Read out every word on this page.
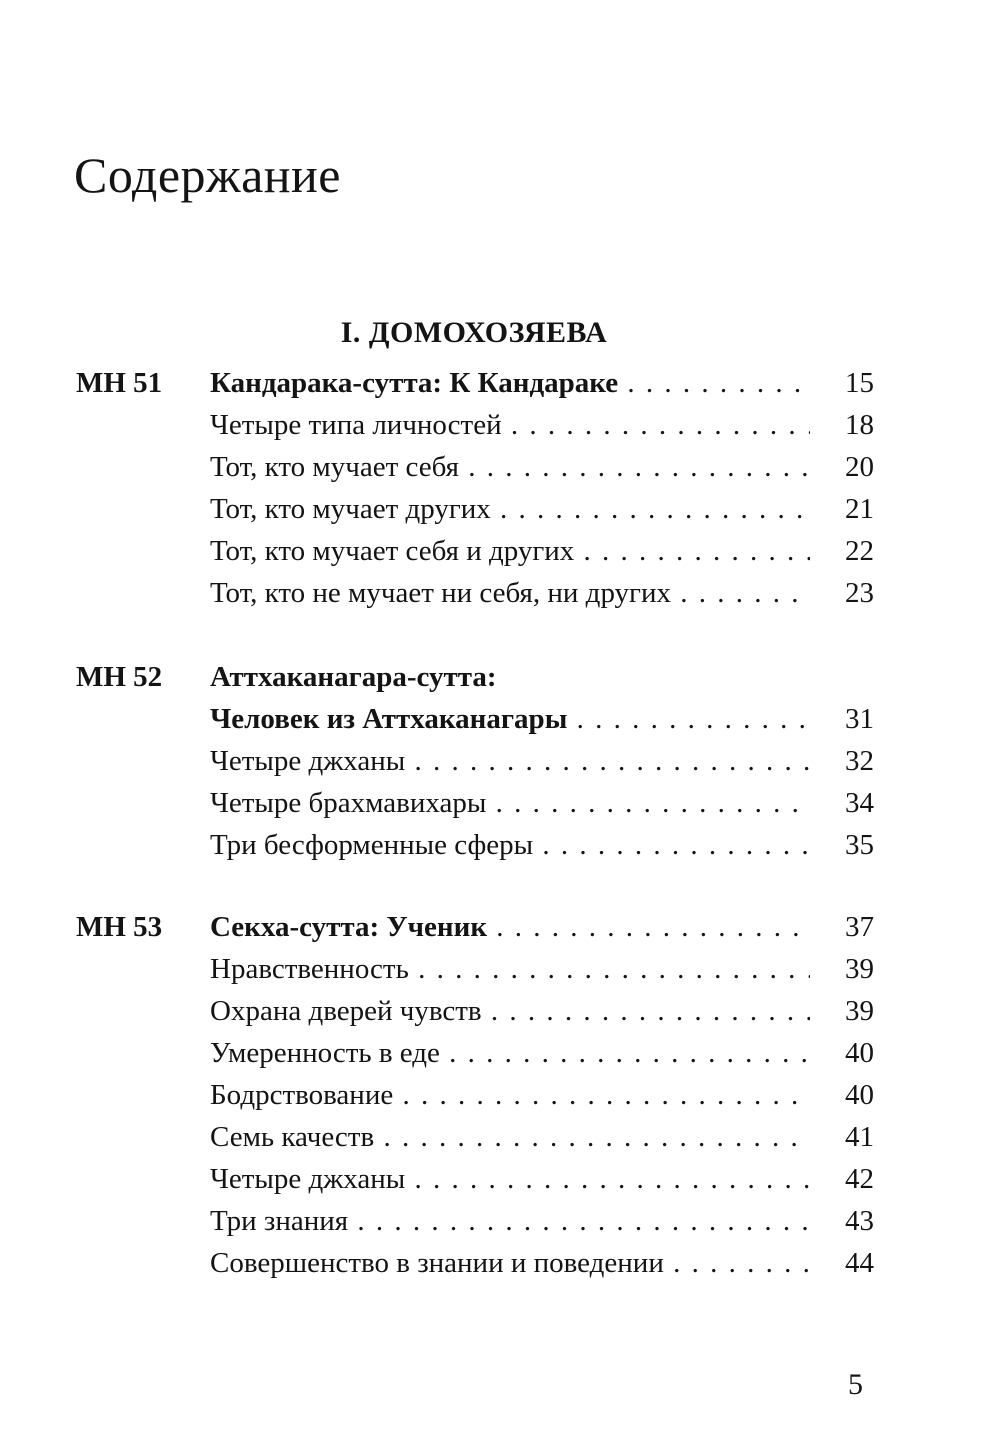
Содержание
I. ДОМОХОЗЯЕВА
MH 51 Кандарака-сутта: К Кандараке . . .	15
Четыре типа личностей . . .	18
Тот, кто мучает себя . . .	20
Тот, кто мучает других . . .	21
Тот, кто мучает себя и других . . .	22
Тот, кто не мучает ни себя, ни других . . .	23
MH 52 Аттхаканагара-сутта:
Человек из Аттхаканагары . . .	31
Четыре джханы . . .	32
Четыре брахмавихары . . .	34
Три бесформенные сферы . . .	35
MH 53 Секха-сутта: Ученик . . .	37
Нравственность . . .	39
Охрана дверей чувств . . .	39
Умеренность в еде . . .	40
Бодрствование . . .	40
Семь качеств . . .	41
Четыре джханы . . .	42
Три знания . . .	43
Совершенство в знании и поведении . . .	44
5
